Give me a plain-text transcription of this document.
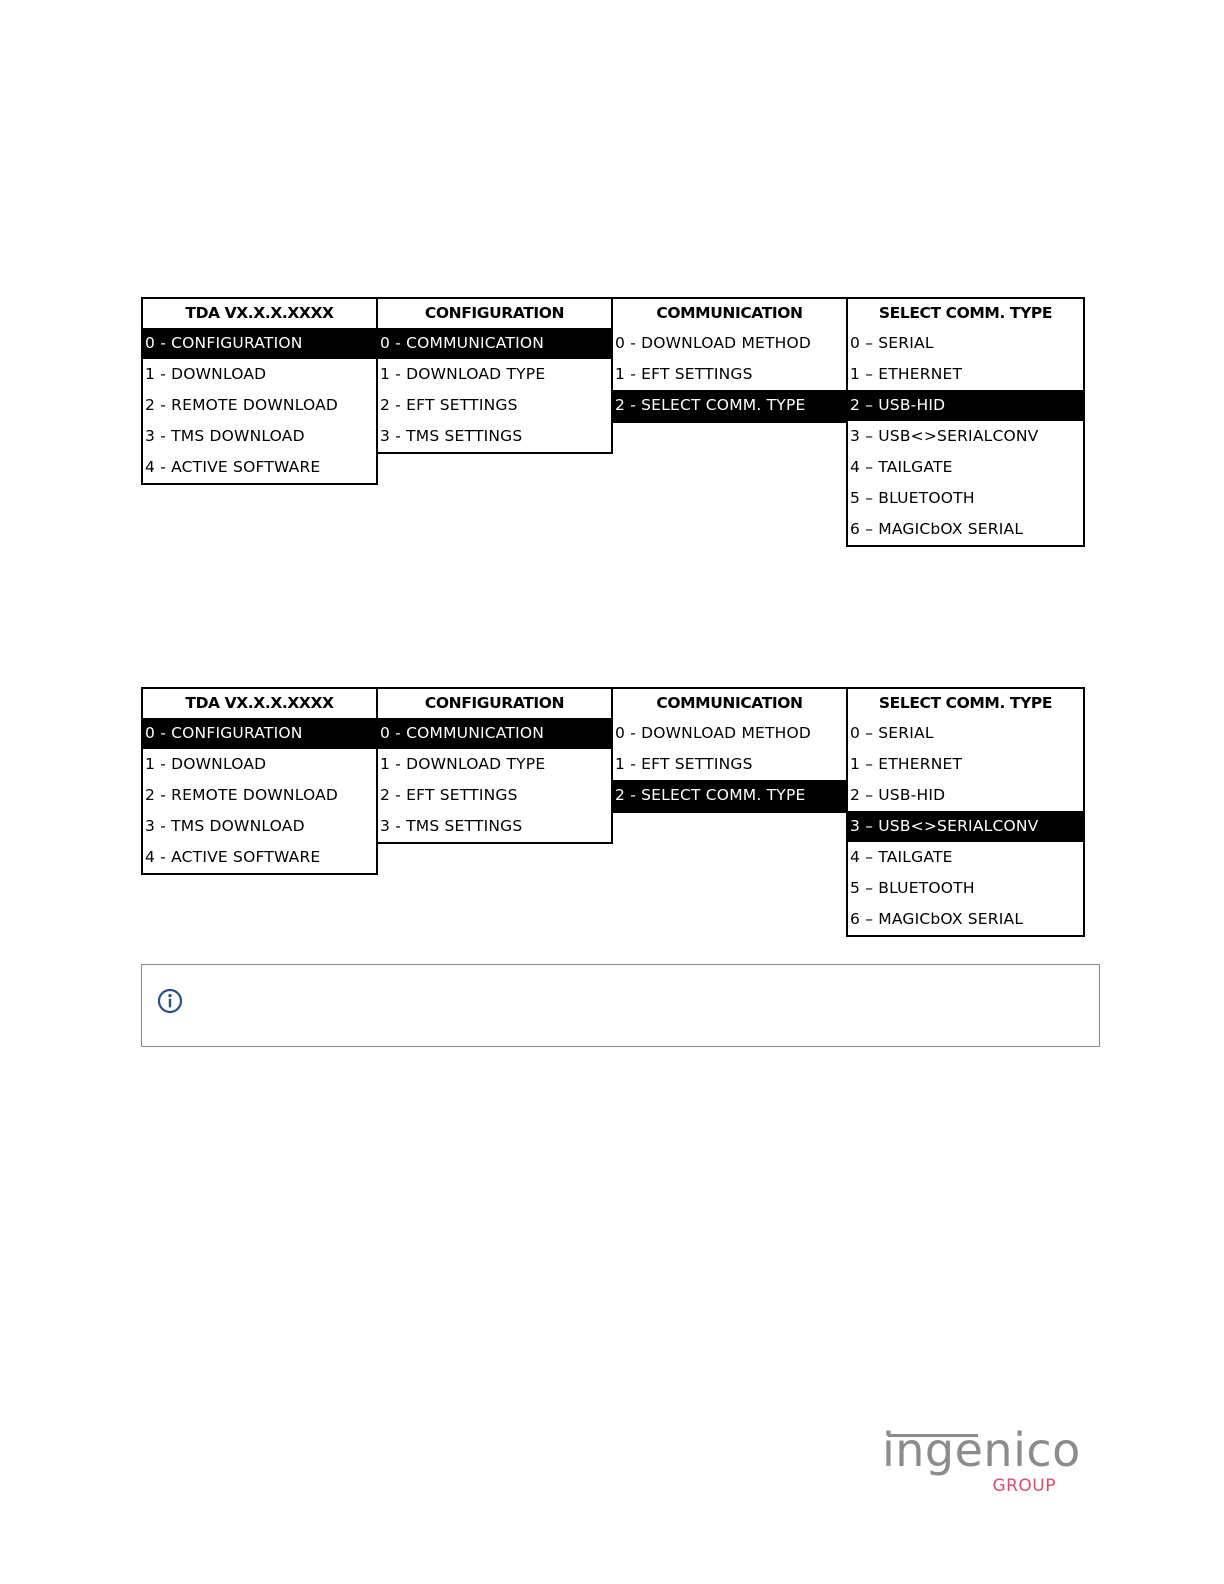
TDA VX.X.X.XXXX
0 - CONFIGURATION
1 - DOWNLOAD
2 - REMOTE DOWNLOAD
3 - TMS DOWNLOAD
4 - ACTIVE SOFTWARE
CONFIGURATION
0 - COMMUNICATION
1 - DOWNLOAD TYPE
2 - EFT SETTINGS
3 - TMS SETTINGS
COMMUNICATION
0 - DOWNLOAD METHOD
1 - EFT SETTINGS
2 - SELECT COMM. TYPE
SELECT COMM. TYPE
0 – SERIAL
1 – ETHERNET
2 – USB-HID
3 – USB<>SERIALCONV
4 – TAILGATE
5 – BLUETOOTH
6 – MAGICbOX SERIAL
TDA VX.X.X.XXXX
0 - CONFIGURATION
1 - DOWNLOAD
2 - REMOTE DOWNLOAD
3 - TMS DOWNLOAD
4 - ACTIVE SOFTWARE
CONFIGURATION
0 - COMMUNICATION
1 - DOWNLOAD TYPE
2 - EFT SETTINGS
3 - TMS SETTINGS
COMMUNICATION
0 - DOWNLOAD METHOD
1 - EFT SETTINGS
2 - SELECT COMM. TYPE
SELECT COMM. TYPE
0 – SERIAL
1 – ETHERNET
2 – USB-HID
3 – USB<>SERIALCONV
4 – TAILGATE
5 – BLUETOOTH
6 – MAGICbOX SERIAL
ingenico
GROUP
